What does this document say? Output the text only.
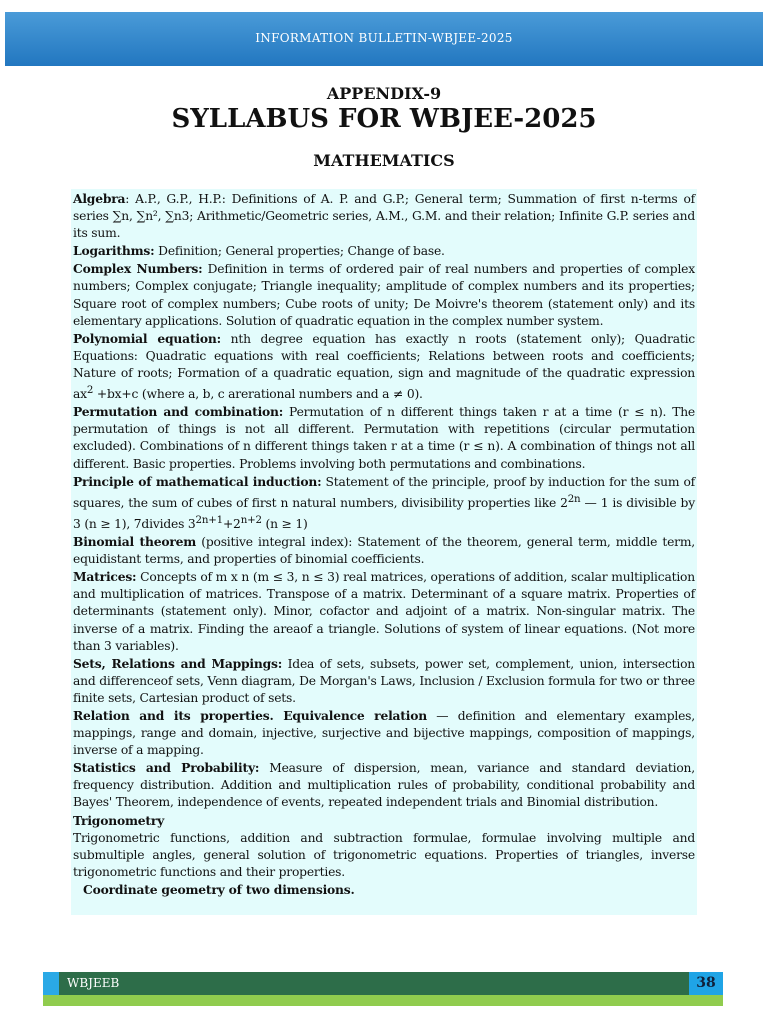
INFORMATION BULLETIN-WBJEE-2025
APPENDIX-9
SYLLABUS FOR WBJEE-2025
MATHEMATICS

Algebra: A.P., G.P., H.P.: Definitions of A. P. and G.P.; General term; Summation of first n-terms of series ∑n, ∑n², ∑n3; Arithmetic/Geometric series, A.M., G.M. and their relation; Infinite G.P. series and its sum.

Logarithms: Definition; General properties; Change of base.

Complex Numbers: Definition in terms of ordered pair of real numbers and properties of complex numbers; Complex conjugate; Triangle inequality; amplitude of complex numbers and its properties; Square root of complex numbers; Cube roots of unity; De Moivre's theorem (statement only) and its elementary applications. Solution of quadratic equation in the complex number system.

Polynomial equation: nth degree equation has exactly n roots (statement only); Quadratic Equations: Quadratic equations with real coefficients; Relations between roots and coefficients; Nature of roots; Formation of a quadratic equation, sign and magnitude of the quadratic expression $ax^2 +bx+c$ (where a, b, c arerational numbers and a ≠ 0).

Permutation and combination: Permutation of n different things taken r at a time (r ≤ n). The permutation of things is not all different. Permutation with repetitions (circular permutation excluded). Combinations of n different things taken r at a time (r ≤ n). A combination of things not all different. Basic properties. Problems involving both permutations and combinations.

Principle of mathematical induction: Statement of the principle, proof by induction for the sum of squares, the sum of cubes of first n natural numbers, divisibility properties like $2^{2n}$ — 1 is divisible by 3 (n ≥ 1), 7divides $3^{2n+1}+2^{n+2}$ (n ≥ 1)

Binomial theorem (positive integral index): Statement of the theorem, general term, middle term, equidistant terms, and properties of binomial coefficients.

Matrices: Concepts of m x n (m ≤ 3, n ≤ 3) real matrices, operations of addition, scalar multiplication and multiplication of matrices. Transpose of a matrix. Determinant of a square matrix. Properties of determinants (statement only). Minor, cofactor and adjoint of a matrix. Non-singular matrix. The inverse of a matrix. Finding the areaof a triangle. Solutions of system of linear equations. (Not more than 3 variables).

Sets, Relations and Mappings: Idea of sets, subsets, power set, complement, union, intersection and differenceof sets, Venn diagram, De Morgan's Laws, Inclusion / Exclusion formula for two or three finite sets, Cartesian product of sets.

Relation and its properties. Equivalence relation — definition and elementary examples, mappings, range and domain, injective, surjective and bijective mappings, composition of mappings, inverse of a mapping.

Statistics and Probability: Measure of dispersion, mean, variance and standard deviation, frequency distribution. Addition and multiplication rules of probability, conditional probability and Bayes' Theorem, independence of events, repeated independent trials and Binomial distribution.

Trigonometry

Trigonometric functions, addition and subtraction formulae, formulae involving multiple and submultiple angles, general solution of trigonometric equations. Properties of triangles, inverse trigonometric functions and their properties.

Coordinate geometry of two dimensions.

WBJEEB	38
